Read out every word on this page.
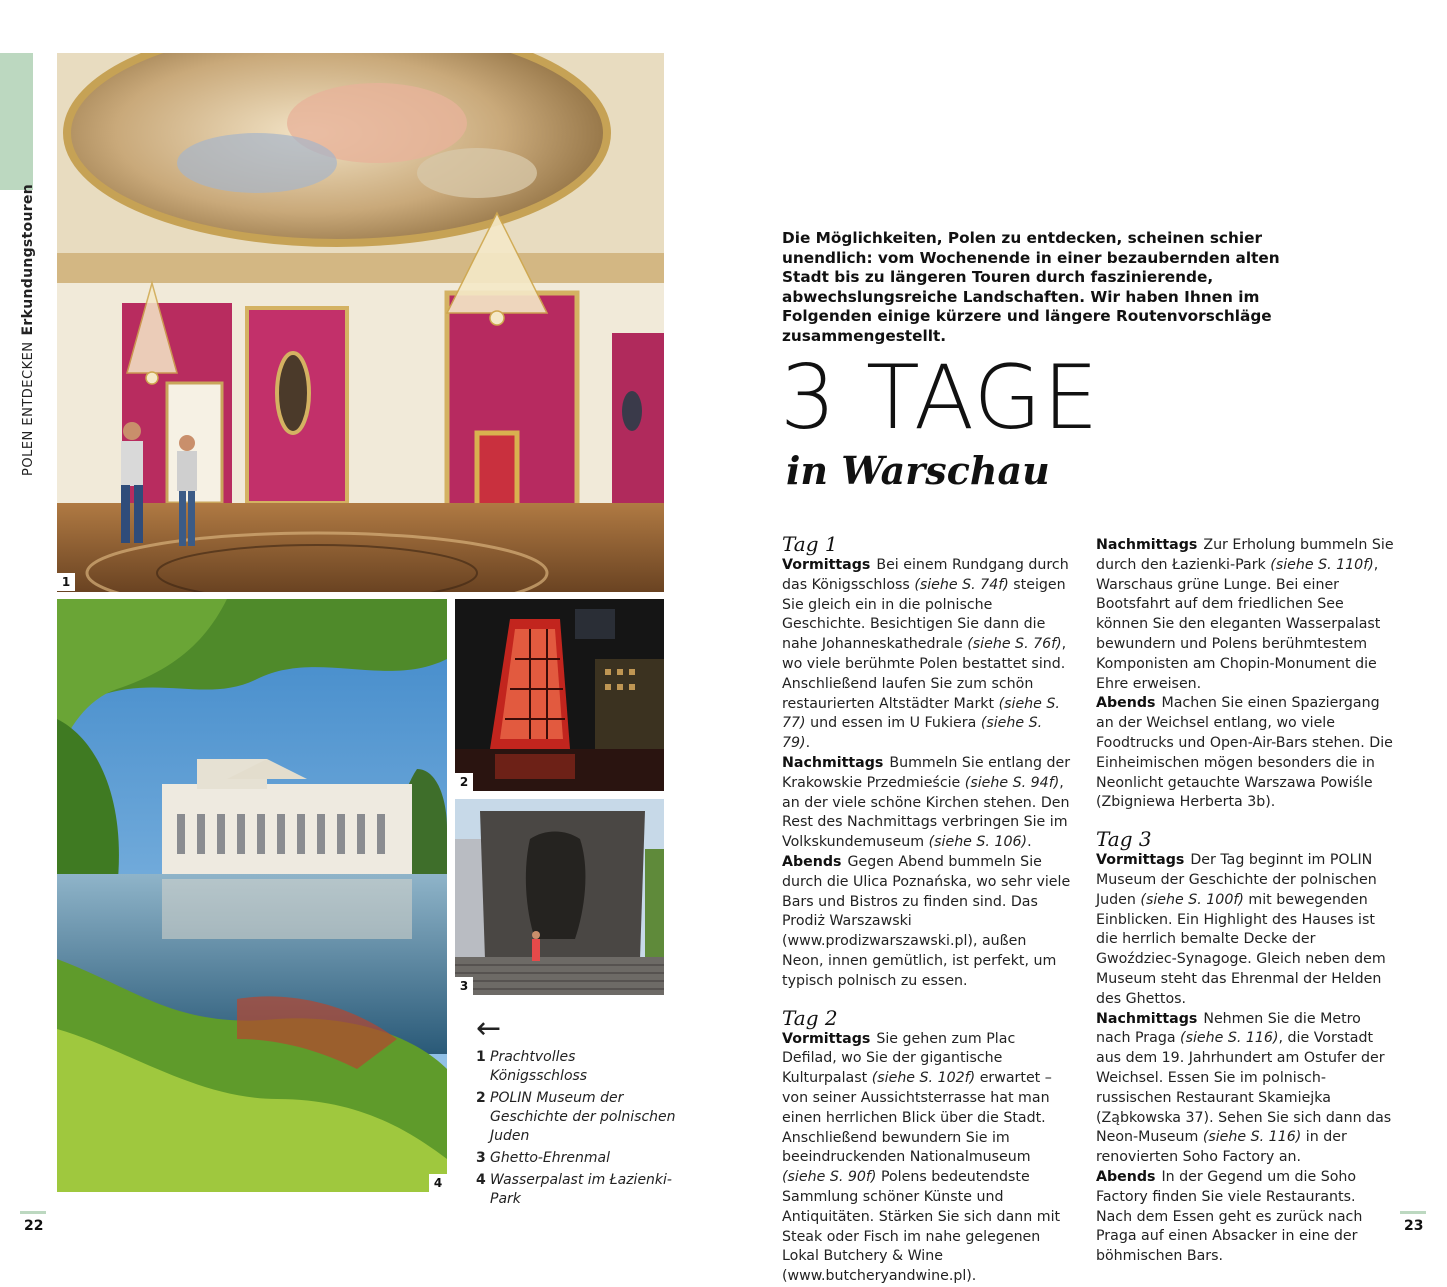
POLEN ENTDECKENErkundungstouren
1
4
2
3
←
1 Prachtvolles Königsschloss
2 POLIN Museum der Geschichte der polnischen Juden
3 Ghetto-Ehrenmal
4 Wasserpalast im Łazienki-Park
Die Möglichkeiten, Polen zu entdecken, scheinen schier unendlich: vom Wochenende in einer bezaubernden alten Stadt bis zu längeren Touren durch faszinierende, abwechslungsreiche Landschaften. Wir haben Ihnen im Folgenden einige kürzere und längere Routenvorschläge zusammengestellt.
3 TAGE
in Warschau
Tag 1

Vormittags Bei einem Rundgang durch das Königsschloss (siehe S. 74f) steigen Sie gleich ein in die polnische Geschichte. Besichtigen Sie dann die nahe Johanneskathedrale (siehe S. 76f), wo viele berühmte Polen bestattet sind. Anschließend laufen Sie zum schön restaurierten Altstädter Markt (siehe S. 77) und essen im U Fukiera (siehe S. 79).

Nachmittags Bummeln Sie entlang der Krakowskie Przedmieście (siehe S. 94f), an der viele schöne Kirchen stehen. Den Rest des Nachmittags verbringen Sie im Volkskundemuseum (siehe S. 106).

Abends Gegen Abend bummeln Sie durch die Ulica Poznańska, wo sehr viele Bars und Bistros zu finden sind. Das Prodiż Warszawski (www.prodizwarszawski.pl), außen Neon, innen gemütlich, ist perfekt, um typisch polnisch zu essen.

Tag 2

Vormittags Sie gehen zum Plac Defilad, wo Sie der gigantische Kulturpalast (siehe S. 102f) erwartet – von seiner Aussichtsterrasse hat man einen herrlichen Blick über die Stadt. Anschließend bewundern Sie im beeindruckenden Nationalmuseum (siehe S. 90f) Polens bedeutendste Sammlung schöner Künste und Antiquitäten. Stärken Sie sich dann mit Steak oder Fisch im nahe gelegenen Lokal Butchery & Wine (www.butcheryandwine.pl).

Nachmittags Zur Erholung bummeln Sie durch den Łazienki-Park (siehe S. 110f), Warschaus grüne Lunge. Bei einer Bootsfahrt auf dem friedlichen See können Sie den eleganten Wasserpalast bewundern und Polens berühmtestem Komponisten am Chopin-Monument die Ehre erweisen.

Abends Machen Sie einen Spaziergang an der Weichsel entlang, wo viele Foodtrucks und Open-Air-Bars stehen. Die Einheimischen mögen besonders die in Neonlicht getauchte Warszawa Powiśle (Zbigniewa Herberta 3b).

Tag 3

Vormittags Der Tag beginnt im POLIN Museum der Geschichte der polnischen Juden (siehe S. 100f) mit bewegenden Einblicken. Ein Highlight des Hauses ist die herrlich bemalte Decke der Gwoździec-Synagoge. Gleich neben dem Museum steht das Ehrenmal der Helden des Ghettos.

Nachmittags Nehmen Sie die Metro nach Praga (siehe S. 116), die Vorstadt aus dem 19. Jahrhundert am Ostufer der Weichsel. Essen Sie im polnisch-russischen Restaurant Skamiejka (Ząbkowska 37). Sehen Sie sich dann das Neon-Museum (siehe S. 116) in der renovierten Soho Factory an.

Abends In der Gegend um die Soho Factory finden Sie viele Restaurants. Nach dem Essen geht es zurück nach Praga auf einen Absacker in eine der böhmischen Bars.

22	23
